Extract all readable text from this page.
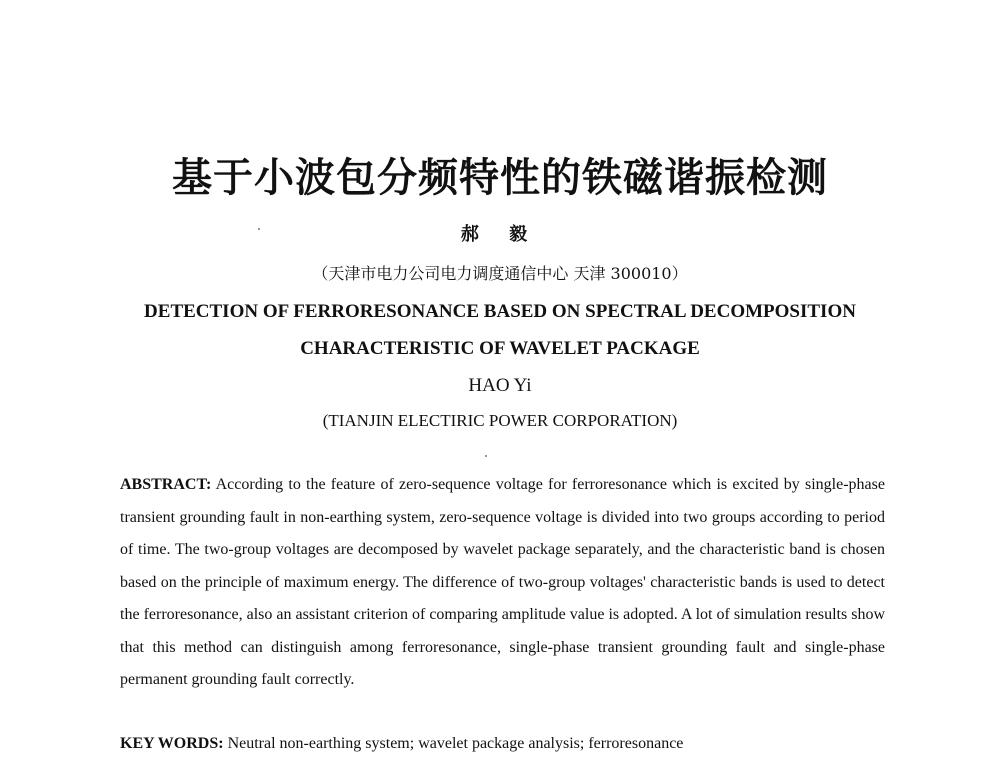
基于小波包分频特性的铁磁谐振检测
郝 毅
（天津市电力公司电力调度通信中心 天津 300010）
DETECTION OF FERRORESONANCE BASED ON SPECTRAL DECOMPOSITION
CHARACTERISTIC OF WAVELET PACKAGE
HAO Yi
(TIANJIN ELECTIRIC POWER CORPORATION)

ABSTRACT: According to the feature of zero-sequence voltage for ferroresonance which is excited by single-phase transient grounding fault in non-earthing system, zero-sequence voltage is divided into two groups according to period of time. The two-group voltages are decomposed by wavelet package separately, and the characteristic band is chosen based on the principle of maximum energy. The difference of two-group voltages' characteristic bands is used to detect the ferroresonance, also an assistant criterion of comparing amplitude value is adopted. A lot of simulation results show that this method can distinguish among ferroresonance, single-phase transient grounding fault and single-phase permanent grounding fault correctly.

KEY WORDS: Neutral non-earthing system; wavelet package analysis; ferroresonance
